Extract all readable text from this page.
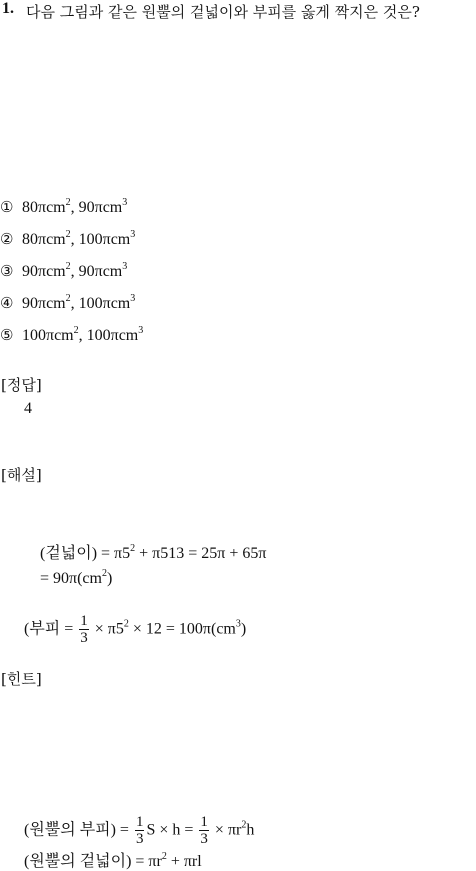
1. 다음 그림과 같은 원뿔의 겉넓이와 부피를 옳게 짝지은 것은?
① 80πcm$^2$, 90πcm$^3$
② 80πcm$^2$, 100πcm$^3$
③ 90πcm$^2$, 90πcm$^3$
④ 90πcm$^2$, 100πcm$^3$
⑤ 100πcm$^2$, 100πcm$^3$
[정답]
4
[해설]
(겉넓이) = $\pi 5^2 + \pi 513 = 25\pi + 65\pi$
= $90\pi(cm^2)$
(부피 = $\frac{1}{3} \times \pi 5^2 \times 12 = 100\pi(cm^3)$
[힌트]
(원뿔의 부피) = $\frac{1}{3}$ $S \times h = \frac{1}{3} \times \pi r^2h$
(원뿔의 겉넓이) = $\pi r^2 + \pi rl$
